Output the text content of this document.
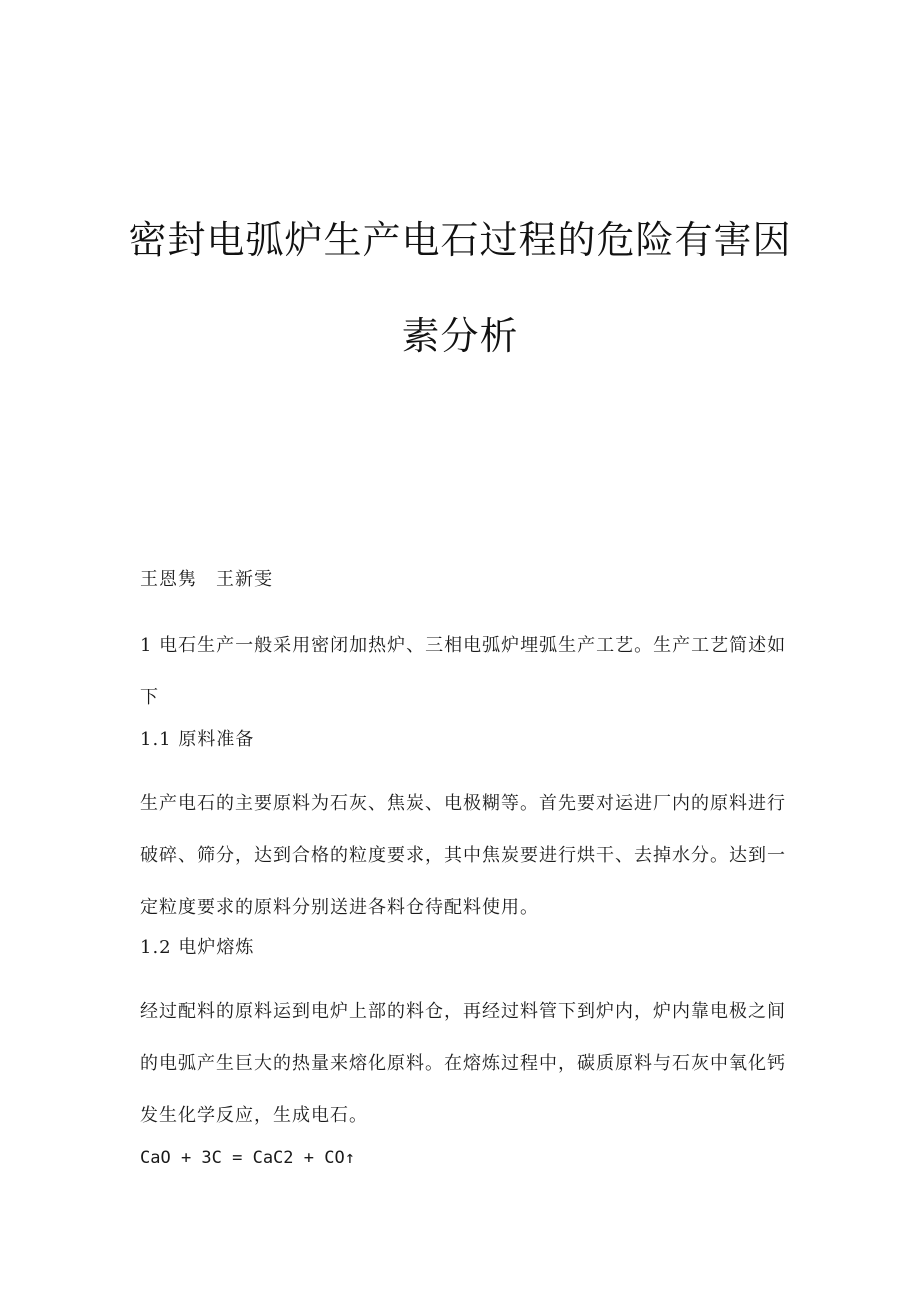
密封电弧炉生产电石过程的危险有害因
素分析
王恩隽　王新雯
1 电石生产一般采用密闭加热炉、三相电弧炉埋弧生产工艺。生产工艺简述如
下
1.1 原料准备
生产电石的主要原料为石灰、焦炭、电极糊等。首先要对运进厂内的原料进行
破碎、筛分，达到合格的粒度要求，其中焦炭要进行烘干、去掉水分。达到一
定粒度要求的原料分别送进各料仓待配料使用。
1.2 电炉熔炼
经过配料的原料运到电炉上部的料仓，再经过料管下到炉内，炉内靠电极之间
的电弧产生巨大的热量来熔化原料。在熔炼过程中，碳质原料与石灰中氧化钙
发生化学反应，生成电石。
CaO + 3C = CaC2 + CO↑
